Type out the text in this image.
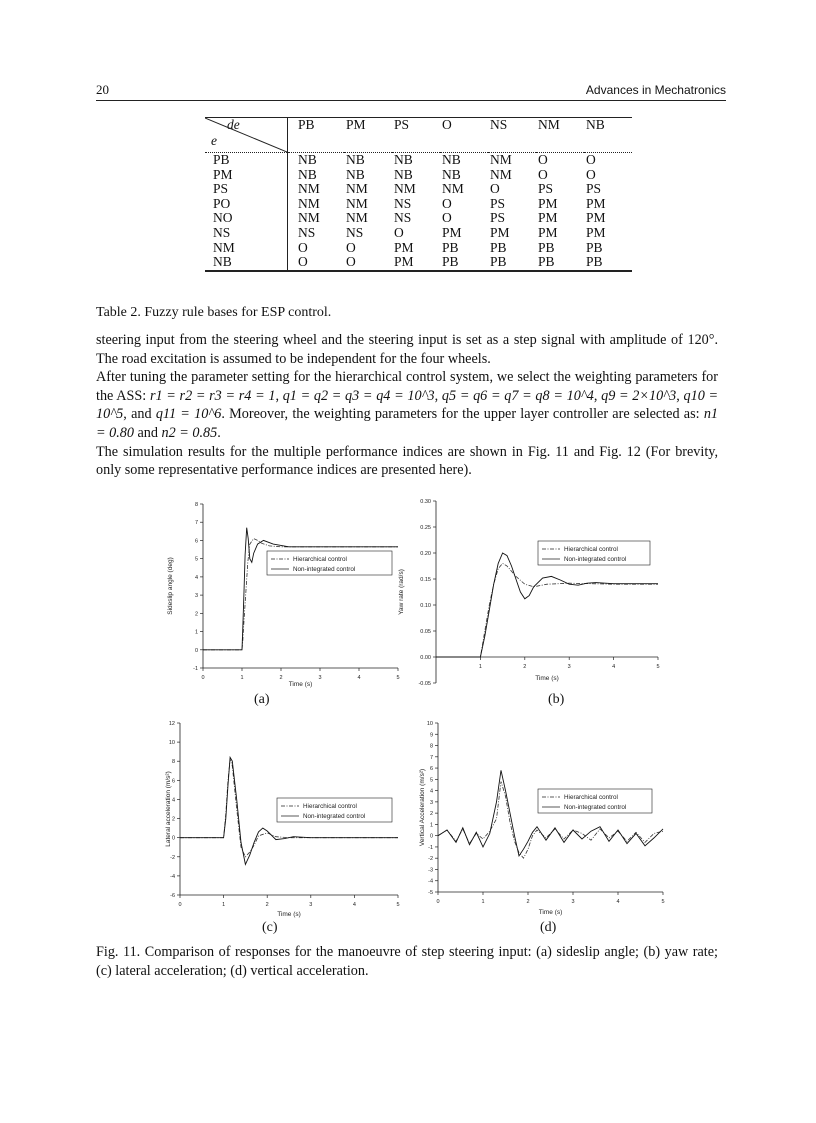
20	Advances in Mechatronics
de
e	PB	PM	PS	O	NS	NM	NB
PB	NB	NB	NB	NB	NM	O	O
PM	NB	NB	NB	NB	NM	O	O
PS	NM	NM	NM	NM	O	PS	PS
PO	NM	NM	NS	O	PS	PM	PM
NO	NM	NM	NS	O	PS	PM	PM
NS	NS	NS	O	PM	PM	PM	PM
NM	O	O	PM	PB	PB	PB	PB
NB	O	O	PM	PB	PB	PB	PB
Table 2. Fuzzy rule bases for ESP control.

steering input from the steering wheel and the steering input is set as a step signal with amplitude of 120°. The road excitation is assumed to be independent for the four wheels.

After tuning the parameter setting for the hierarchical control system, we select the weighting parameters for the ASS: r1 = r2 = r3 = r4 = 1, q1 = q2 = q3 = q4 = 10^3, q5 = q6 = q7 = q8 = 10^4, q9 = 2×10^3, q10 = 10^5, and q11 = 10^6. Moreover, the weighting parameters for the upper layer controller are selected as: n1 = 0.80 and n2 = 0.85.

The simulation results for the multiple performance indices are shown in Fig. 11 and Fig. 12 (For brevity, only some representative performance indices are presented here).

0	1	2	3	4	5
-1
0
1
2
3
4
5
6
7
8
Time (s)
Sideslip angle (deg)	Hierarchical control
Non-integrated control
1	2	3	4	5
-0.05
0.00
0.05
0.10
0.15
0.20
0.25
0.30
Time (s)
Yaw rate (rad/s)
Hierarchical control
Non-integrated control
0	1	2	3	4	5
-6
-4
-2
0
2
4
6
8
10
12
Time (s)
Lateral acceleration (m/s²)	Hierarchical control
Non-integrated control
0	1	2	3	4	5
-5
-4
-3
-2
-1
0
1
2
3
4
5
6
7
8
9
10
Time (s)
Vertical Acceleration (m/s²)	Hierarchical control
Non-integrated control
(a)	(b)
(c)	(d)
Fig. 11. Comparison of responses for the manoeuvre of step steering input: (a) sideslip angle; (b) yaw rate; (c) lateral acceleration; (d) vertical acceleration.
